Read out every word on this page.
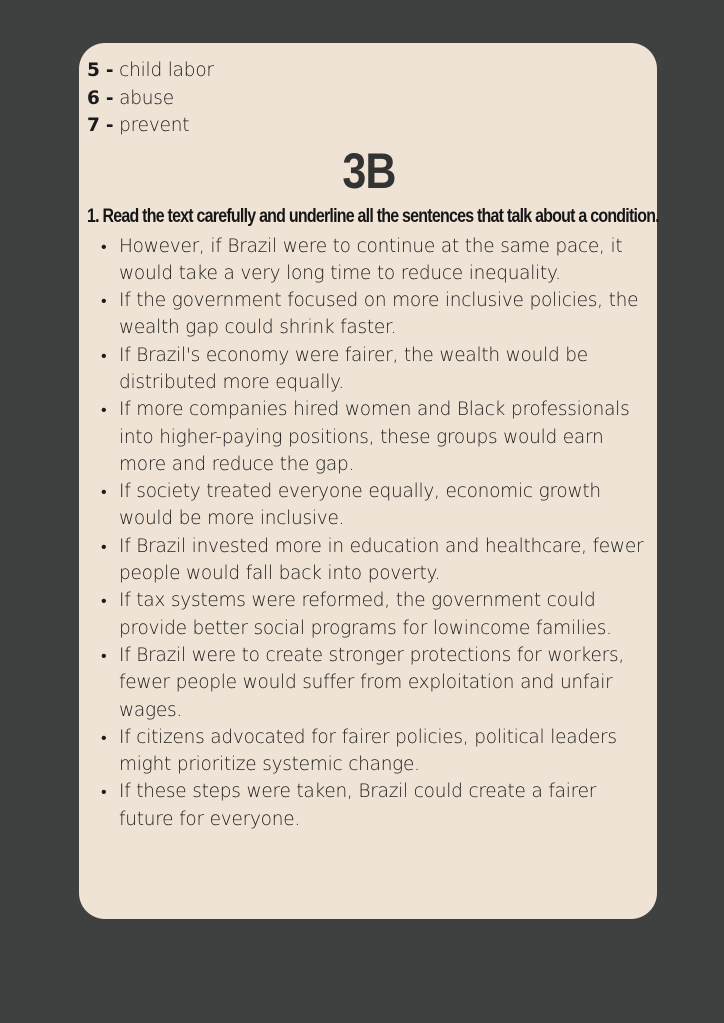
5 - child labor
6 - abuse
7 - prevent
3B
1. Read the text carefully and underline all the sentences that talk about a condition.
• However, if Brazil were to continue at the same pace, it would take a very long time to reduce inequality.
• If the government focused on more inclusive policies, the wealth gap could shrink faster.
• If Brazil's economy were fairer, the wealth would be distributed more equally.
• If more companies hired women and Black professionals into higher-paying positions, these groups would earn more and reduce the gap.
• If society treated everyone equally, economic growth would be more inclusive.
• If Brazil invested more in education and healthcare, fewer people would fall back into poverty.
• If tax systems were reformed, the government could provide better social programs for lowincome families.
• If Brazil were to create stronger protections for workers, fewer people would suffer from exploitation and unfair wages.
• If citizens advocated for fairer policies, political leaders might prioritize systemic change.
• If these steps were taken, Brazil could create a fairer future for everyone.
